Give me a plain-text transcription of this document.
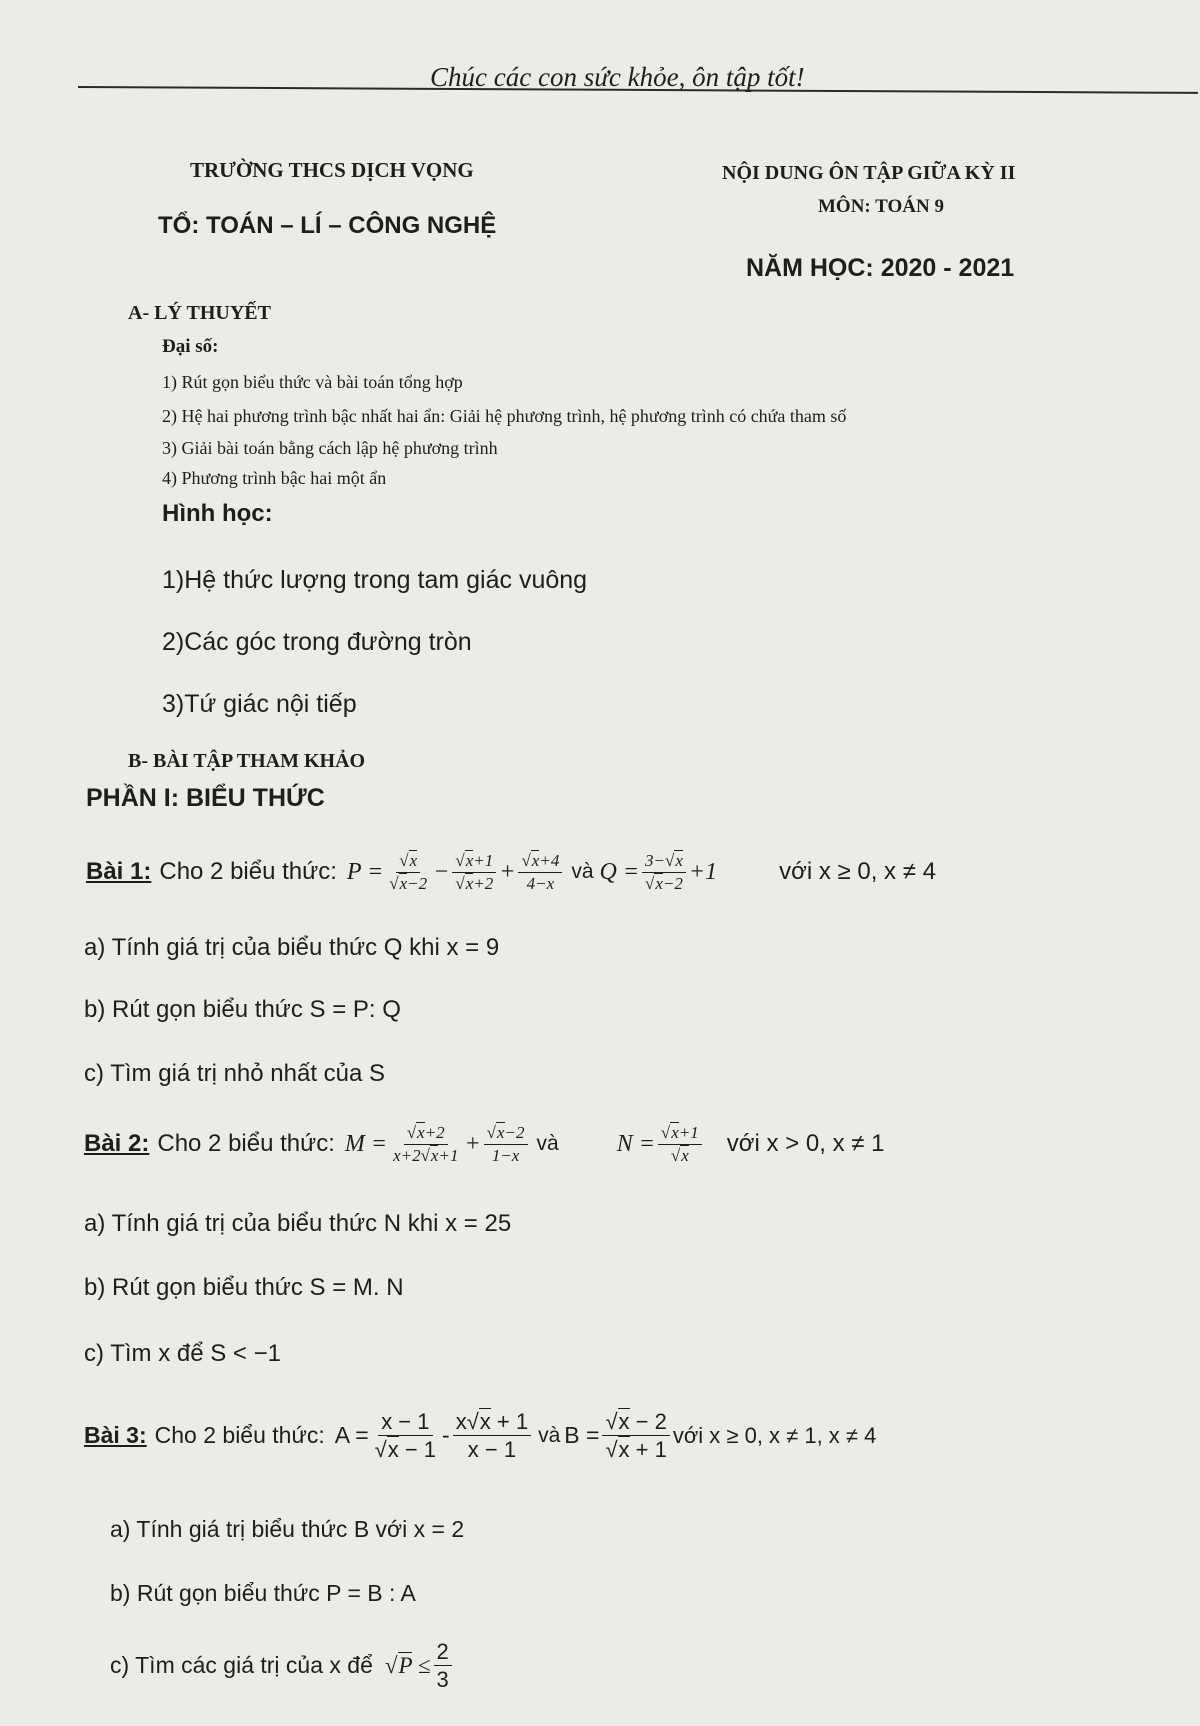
Chúc các con sức khỏe, ôn tập tốt!
TRƯỜNG THCS DỊCH VỌNG
TỔ: TOÁN – LÍ – CÔNG NGHỆ
NỘI DUNG ÔN TẬP GIỮA KỲ II
MÔN: TOÁN 9
NĂM HỌC: 2020 - 2021
A- LÝ THUYẾT
Đại số:
1) Rút gọn biểu thức và bài toán tổng hợp
2) Hệ hai phương trình bậc nhất hai ẩn: Giải hệ phương trình, hệ phương trình có chứa tham số
3) Giải bài toán bằng cách lập hệ phương trình
4) Phương trình bậc hai một ẩn
Hình học:
1)Hệ thức lượng trong tam giác vuông
2)Các góc trong đường tròn
3)Tứ giác nội tiếp
B- BÀI TẬP THAM KHẢO
PHẦN I: BIỂU THỨC
Bài 1: Cho 2 biểu thức: $P = \frac{√x}{√x-2} - \frac{√x+1}{√x+2} + \frac{√x+4}{4-x}$ và $Q = \frac{3-√x}{√x-2} +1$	với x ≥ 0, x ≠ 4
a) Tính giá trị của biểu thức Q khi x = 9
b) Rút gọn biểu thức S = P: Q
c) Tìm giá trị nhỏ nhất của S
Bài 2: Cho 2 biểu thức: $M = \frac{√x+2}{x+2√x+1} + \frac{√x-2}{1-x}$ và $N = \frac{√x+1}{√x}$ với x > 0, x ≠ 1
a) Tính giá trị của biểu thức N khi x = 25
b) Rút gọn biểu thức S = M. N
c) Tìm x để S < −1
Bài 3: Cho 2 biểu thức: $A = \frac{x - 1}{√x - 1} - \frac{x√x + 1}{x - 1}$ và $B = \frac{√x - 2}{√x + 1}$ với x ≥ 0, x ≠ 1, x ≠ 4
a) Tính giá trị biểu thức B với x = 2
b) Rút gọn biểu thức P = B : A
c) Tìm các giá trị của x để $√P \le \frac{2}{3}$
